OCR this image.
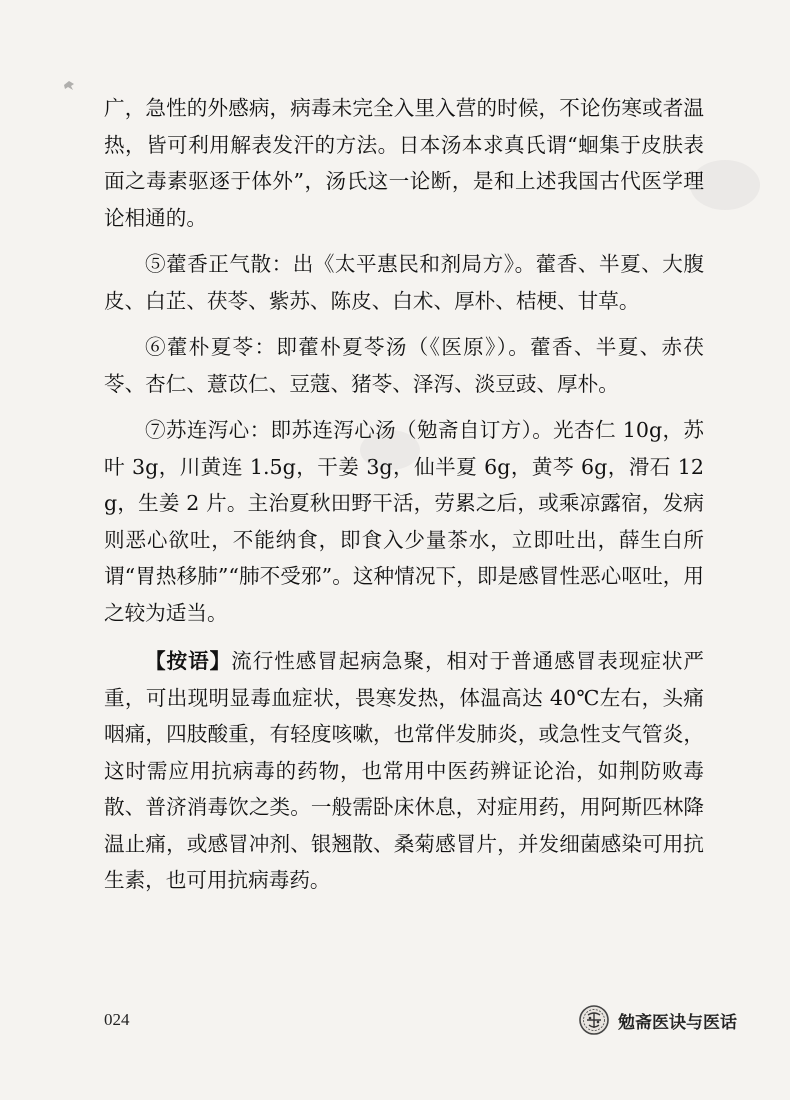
广，急性的外感病，病毒未完全入里入营的时候，不论伤寒或者温热，皆可利用解表发汗的方法。日本汤本求真氏谓“蛔集于皮肤表面之毒素驱逐于体外”，汤氏这一论断，是和上述我国古代医学理论相通的。

⑤藿香正气散：出《太平惠民和剂局方》。藿香、半夏、大腹皮、白芷、茯苓、紫苏、陈皮、白术、厚朴、桔梗、甘草。

⑥藿朴夏苓：即藿朴夏苓汤（《医原》）。藿香、半夏、赤茯苓、杏仁、薏苡仁、豆蔻、猪苓、泽泻、淡豆豉、厚朴。

⑦苏连泻心：即苏连泻心汤（勉斋自订方）。光杏仁 10g，苏叶 3g，川黄连 1.5g，干姜 3g，仙半夏 6g，黄芩 6g，滑石 12g，生姜 2 片。主治夏秋田野干活，劳累之后，或乘凉露宿，发病则恶心欲吐，不能纳食，即食入少量茶水，立即吐出，薛生白所谓“胃热移肺”“肺不受邪”。这种情况下，即是感冒性恶心呕吐，用之较为适当。

【按语】流行性感冒起病急聚，相对于普通感冒表现症状严重，可出现明显毒血症状，畏寒发热，体温高达 40℃左右，头痛咽痛，四肢酸重，有轻度咳嗽，也常伴发肺炎，或急性支气管炎，这时需应用抗病毒的药物，也常用中医药辨证论治，如荆防败毒散、普济消毒饮之类。一般需卧床休息，对症用药，用阿斯匹林降温止痛，或感冒冲剂、银翘散、桑菊感冒片，并发细菌感染可用抗生素，也可用抗病毒药。

024	勉斋医诀与医话
